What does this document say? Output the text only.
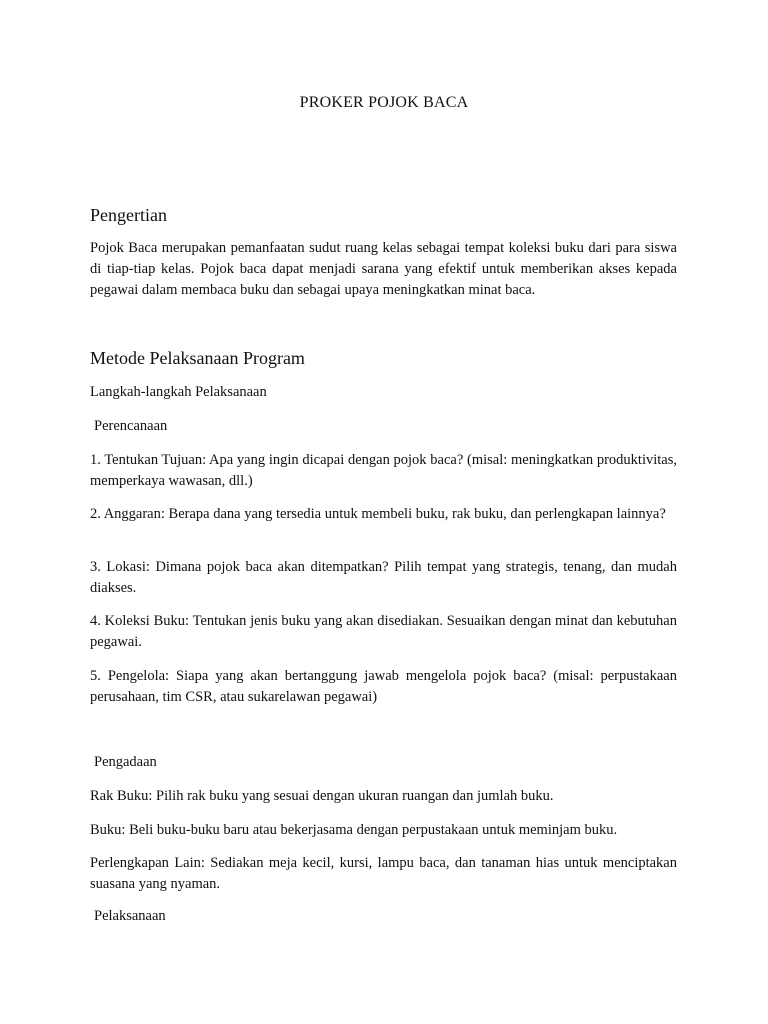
PROKER POJOK BACA
Pengertian
Pojok Baca merupakan pemanfaatan sudut ruang kelas sebagai tempat koleksi buku dari para siswa di tiap-tiap kelas. Pojok baca dapat menjadi sarana yang efektif untuk memberikan akses kepada pegawai dalam membaca buku dan sebagai upaya meningkatkan minat baca.
Metode Pelaksanaan Program
Langkah-langkah Pelaksanaan
Perencanaan
1. Tentukan Tujuan: Apa yang ingin dicapai dengan pojok baca? (misal: meningkatkan produktivitas, memperkaya wawasan, dll.)
2. Anggaran: Berapa dana yang tersedia untuk membeli buku, rak buku, dan perlengkapan lainnya?
3. Lokasi: Dimana pojok baca akan ditempatkan? Pilih tempat yang strategis, tenang, dan mudah diakses.
4. Koleksi Buku: Tentukan jenis buku yang akan disediakan. Sesuaikan dengan minat dan kebutuhan pegawai.
5. Pengelola: Siapa yang akan bertanggung jawab mengelola pojok baca? (misal: perpustakaan perusahaan, tim CSR, atau sukarelawan pegawai)
Pengadaan
Rak Buku: Pilih rak buku yang sesuai dengan ukuran ruangan dan jumlah buku.
Buku: Beli buku-buku baru atau bekerjasama dengan perpustakaan untuk meminjam buku.
Perlengkapan Lain: Sediakan meja kecil, kursi, lampu baca, dan tanaman hias untuk menciptakan suasana yang nyaman.
Pelaksanaan
